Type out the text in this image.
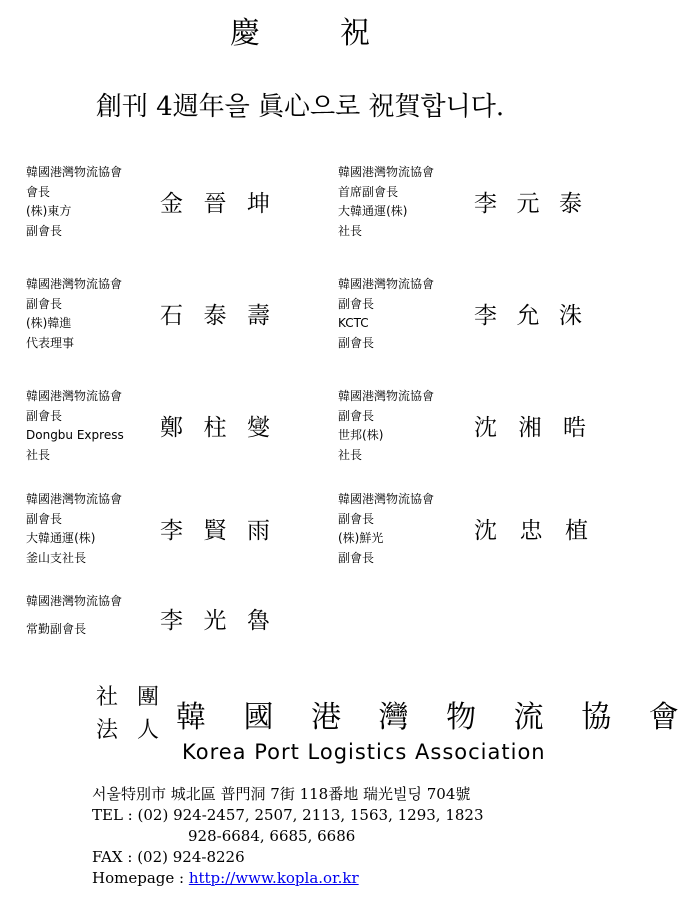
慶	祝
創刊 4週年을 眞心으로 祝賀합니다.
韓國港灣物流協會
會長
(株)東方
副會長
金 晉 坤
韓國港灣物流協會
首席副會長
大韓通運(株)
社長
李 元 泰
韓國港灣物流協會
副會長
(株)韓進
代表理事
石 泰 壽
韓國港灣物流協會
副會長
KCTC
副會長
李 允 洙
韓國港灣物流協會
副會長
Dongbu Express
社長
鄭 柱 燮
韓國港灣物流協會
副會長
世邦(株)
社長
沈 湘 晧
韓國港灣物流協會
副會長
大韓通運(株)
釜山支社長
李 賢 雨
韓國港灣物流協會
副會長
(株)鮮光
副會長
沈 忠 植
韓國港灣物流協會
常勤副會長	李 光 魯
社 團
法 人 韓 國 港 灣 物 流 協 會
Korea Port Logistics Association
서울特別市 城北區 普門洞 7街 118番地 瑞光빌딩 704號
TEL : (02) 924-2457, 2507, 2113, 1563, 1293, 1823
928-6684, 6685, 6686
FAX : (02) 924-8226
Homepage : http://www.kopla.or.kr
